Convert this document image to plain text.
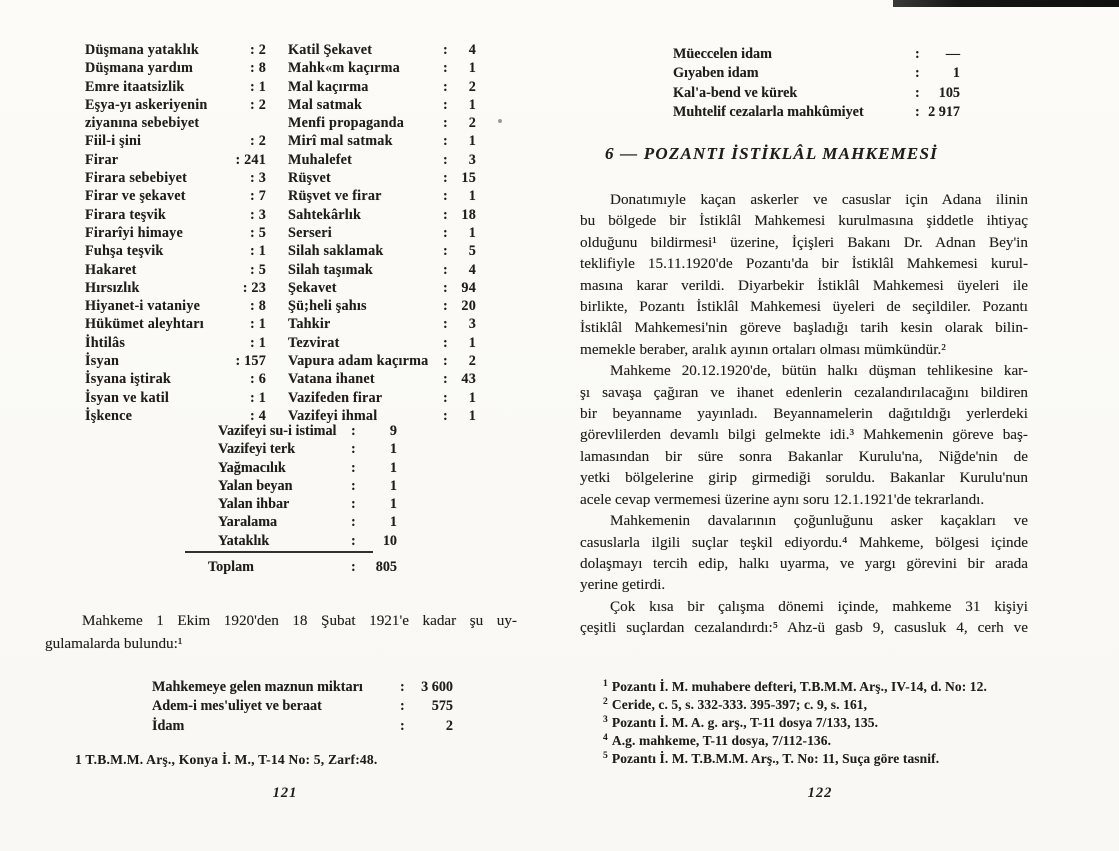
Düşmana yataklık	: 2
Düşmana yardım	: 8
Emre itaatsizlik	: 1
Eşya-yı askeriyenin	: 2
ziyanına sebebiyet
Fiil-i şini	: 2
Firar	: 241
Firara sebebiyet	: 3
Firar ve şekavet	: 7
Firara teşvik	: 3
Firarîyi himaye	: 5
Fuhşa teşvik	: 1
Hakaret	: 5
Hırsızlık	: 23
Hiyanet-i vataniye	: 8
Hükümet aleyhtarı	: 1
İhtilâs	: 1
İsyan	: 157
İsyana iştirak	: 6
İsyan ve katil	: 1
İşkence	: 4
Katil Şekavet	: 4
Mahk«m kaçırma	: 1
Mal kaçırma	: 2
Mal satmak	: 1
Menfi propaganda	: 2
Mirî mal satmak	: 1
Muhalefet	: 3
Rüşvet	: 15
Rüşvet ve firar	: 1
Sahtekârlık	: 18
Serseri	: 1
Silah saklamak	: 5
Silah taşımak	: 4
Şekavet	: 94
Şü;heli şahıs	: 20
Tahkir	: 3
Tezvirat	: 1
Vapura adam kaçırma	: 2
Vatana ihanet	: 43
Vazifeden firar	: 1
Vazifeyi ihmal	: 1
Vazifeyi su-i istimal	: 9
Vazifeyi terk	: 1
Yağmacılık	: 1
Yalan beyan	: 1
Yalan ihbar	: 1
Yaralama	: 1
Yataklık	: 10
Toplam	: 805
Mahkeme 1 Ekim 1920'den 18 Şubat 1921'e kadar şu uy-
gulamalarda bulundu:¹
Mahkemeye gelen maznun miktarı	: 3 600
Adem-i mes'uliyet ve beraat	: 575
İdam	:	2
1 T.B.M.M. Arş., Konya İ. M., T-14 No: 5, Zarf:48.
121
Müeccelen idam	: —
Gıyaben idam	: 1
Kal'a-bend ve kürek	: 105
Muhtelif cezalarla mahkûmiyet	: 2 917
6 — POZANTI İSTİKLÂL MAHKEMESİ
Donatımıyle kaçan askerler ve casuslar için Adana ilinin
bu bölgede bir İstiklâl Mahkemesi kurulmasına şiddetle ihtiyaç
olduğunu bildirmesi¹ üzerine, İçişleri Bakanı Dr. Adnan Bey'in
teklifiyle 15.11.1920'de Pozantı'da bir İstiklâl Mahkemesi kurul-
masına karar verildi. Diyarbekir İstiklâl Mahkemesi üyeleri ile
birlikte, Pozantı İstiklâl Mahkemesi üyeleri de seçildiler. Pozantı
İstiklâl Mahkemesi'nin göreve başladığı tarih kesin olarak bilin-
memekle beraber, aralık ayının ortaları olması mümkündür.²
Mahkeme 20.12.1920'de, bütün halkı düşman tehlikesine kar-
şı savaşa çağıran ve ihanet edenlerin cezalandırılacağını bildiren
bir beyanname yayınladı. Beyannamelerin dağıtıldığı yerlerdeki
görevlilerden devamlı bilgi gelmekte idi.³ Mahkemenin göreve baş-
lamasından bir süre sonra Bakanlar Kurulu'na, Niğde'nin de
yetki bölgelerine girip girmediği soruldu. Bakanlar Kurulu'nun
acele cevap vermemesi üzerine aynı soru 12.1.1921'de tekrarlandı.
Mahkemenin davalarının çoğunluğunu asker kaçakları ve
casuslarla ilgili suçlar teşkil ediyordu.⁴ Mahkeme, bölgesi içinde
dolaşmayı tercih edip, halkı uyarma, ve yargı görevini bir arada
yerine getirdi.
Çok kısa bir çalışma dönemi içinde, mahkeme 31 kişiyi
çeşitli suçlardan cezalandırdı:⁵ Ahz-ü gasb 9, casusluk 4, cerh ve
$^1$ Pozantı İ. M. muhabere defteri, T.B.M.M. Arş., IV-14, d. No: 12.
$^2$ Ceride, c. 5, s. 332-333. 395-397; c. 9, s. 161,
$^3$ Pozantı İ. M. A. g. arş., T-11 dosya 7/133, 135.
$^4$ A.g. mahkeme, T-11 dosya, 7/112-136.
$^5$ Pozantı İ. M. T.B.M.M. Arş., T. No: 11, Suça göre tasnif.
122
